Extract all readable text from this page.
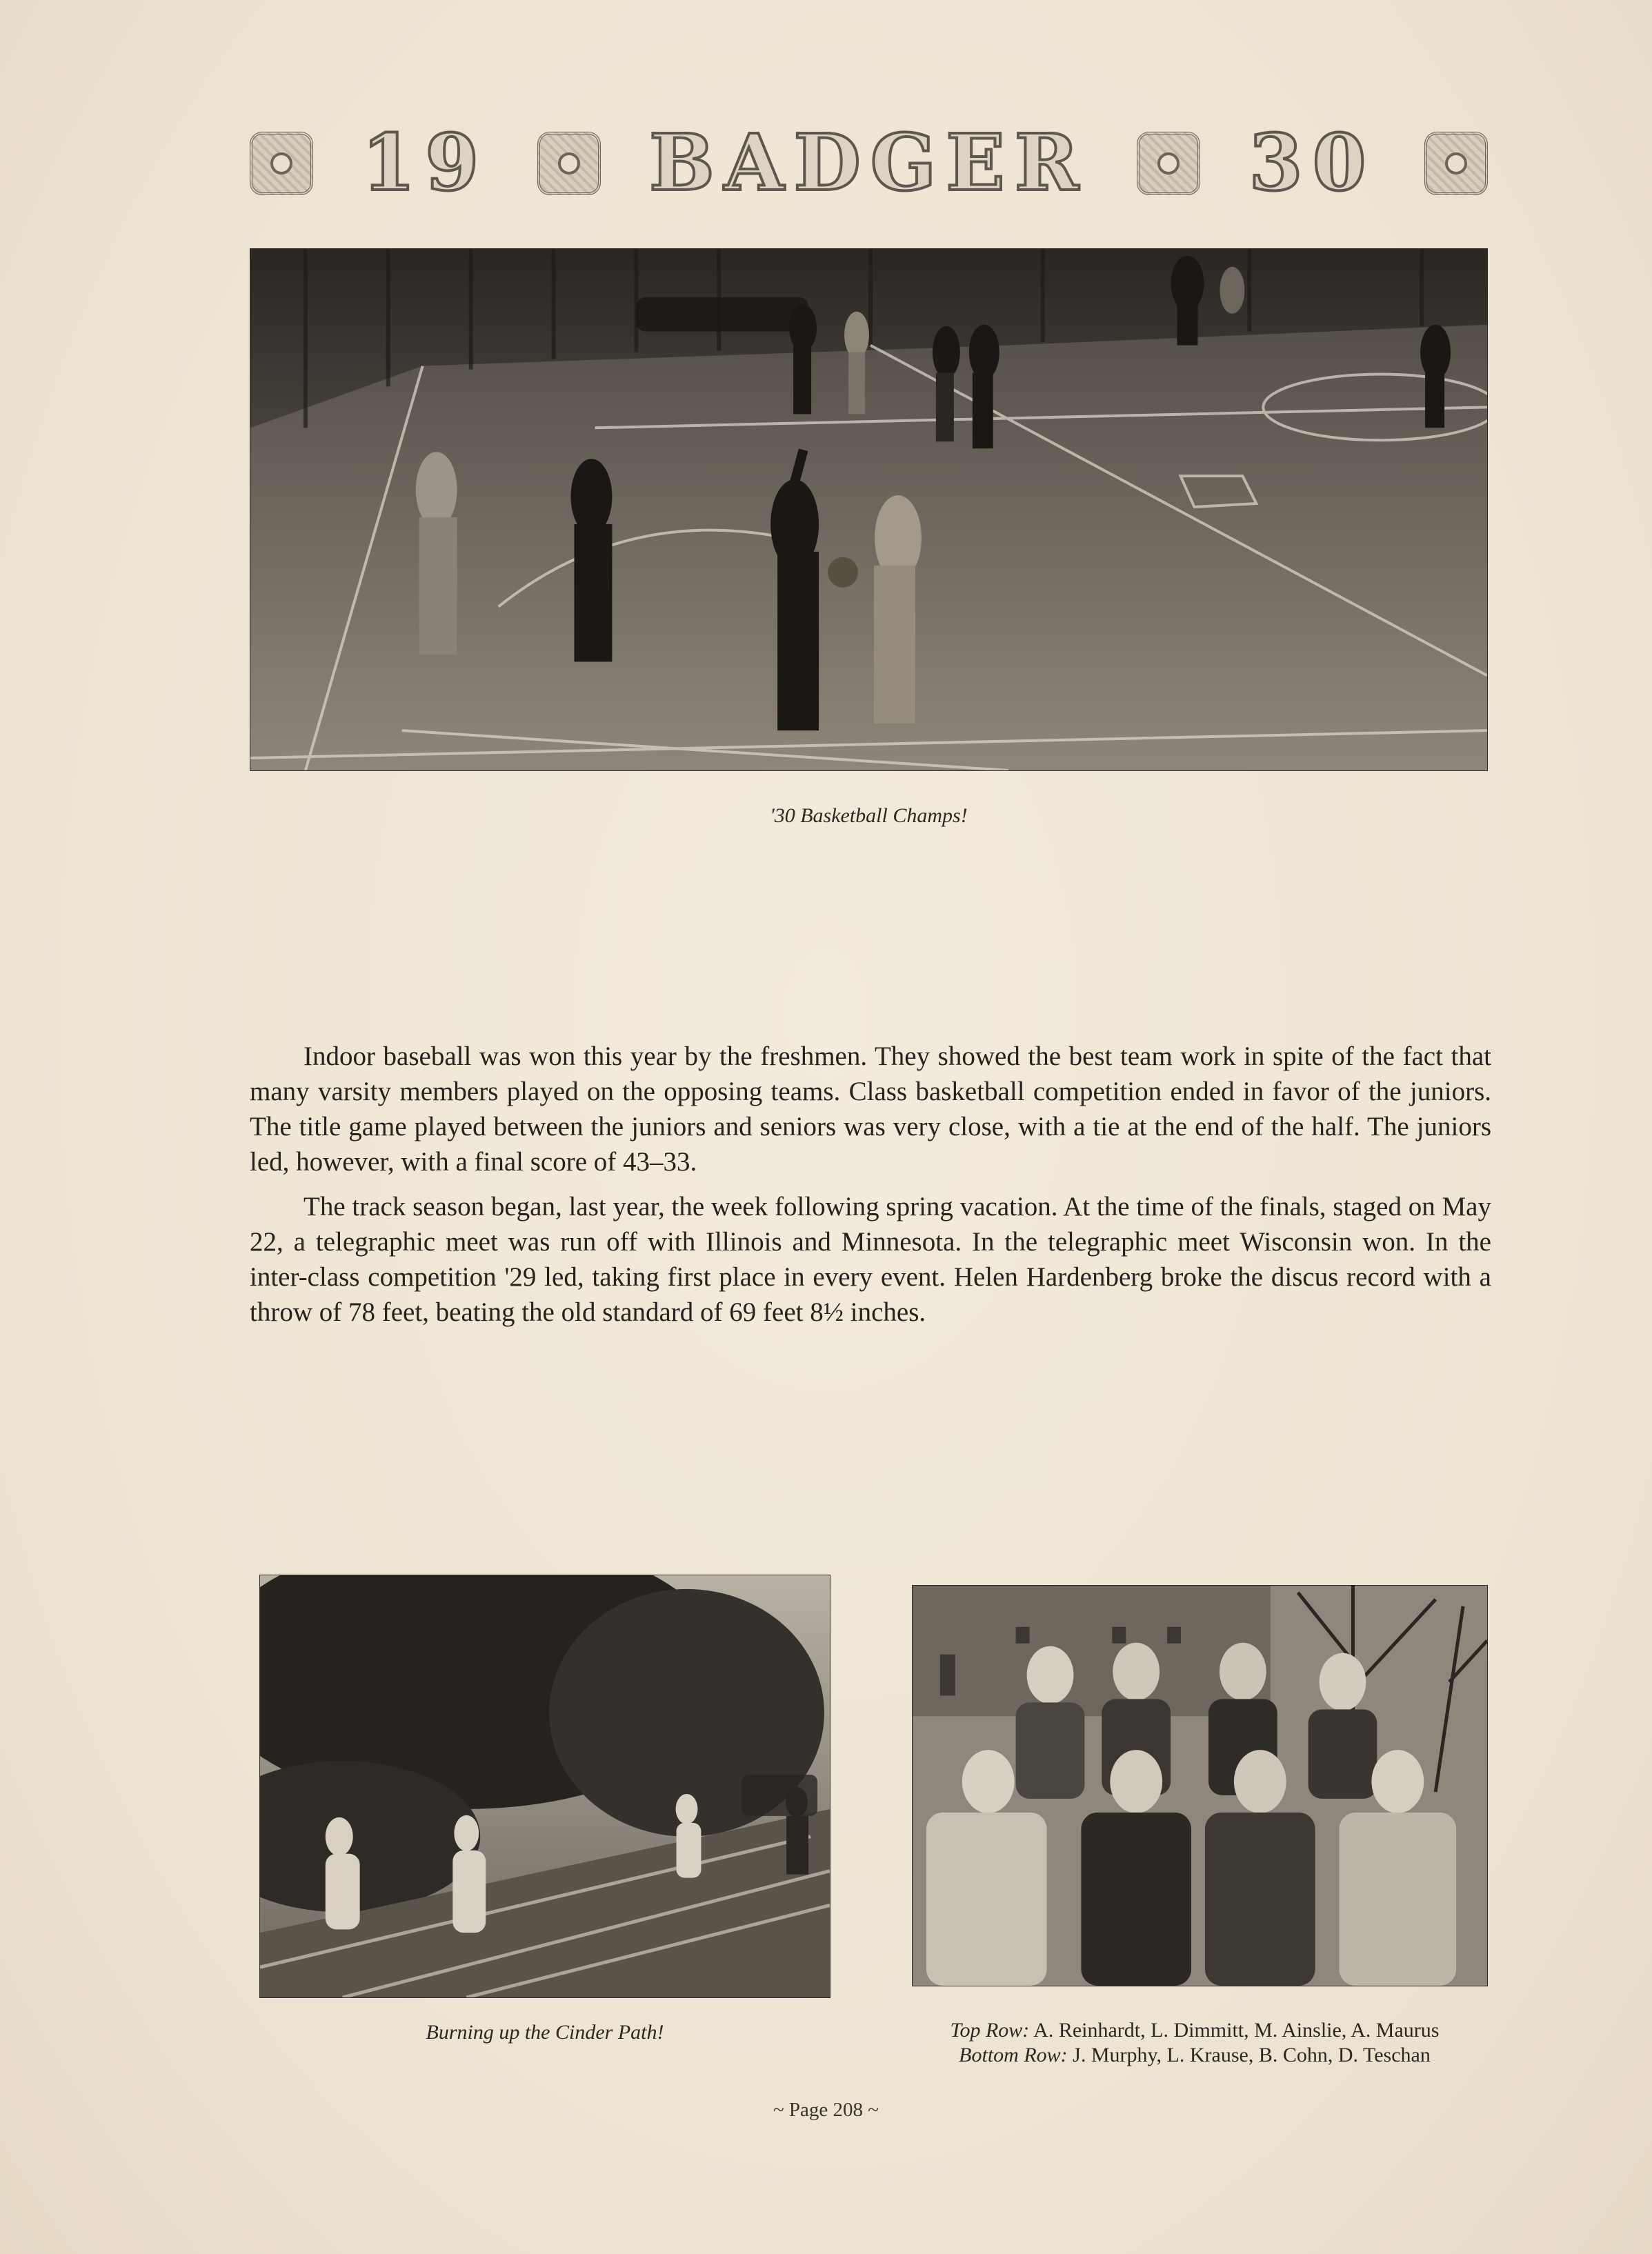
19 BADGER 30
'30 Basketball Champs!

Indoor baseball was won this year by the freshmen. They showed the best team work in spite of the fact that many varsity members played on the opposing teams. Class basketball competition ended in favor of the juniors. The title game played between the juniors and seniors was very close, with a tie at the end of the half. The juniors led, however, with a final score of 43–33.

The track season began, last year, the week following spring vacation. At the time of the finals, staged on May 22, a telegraphic meet was run off with Illinois and Minnesota. In the telegraphic meet Wisconsin won. In the inter-class competition '29 led, taking first place in every event. Helen Hardenberg broke the discus record with a throw of 78 feet, beating the old standard of 69 feet 8½ inches.

Burning up the Cinder Path!	Top Row: A. Reinhardt, L. Dimmitt, M. Ainslie, A. Maurus
Bottom Row: J. Murphy, L. Krause, B. Cohn, D. Teschan
~ Page 208 ~
